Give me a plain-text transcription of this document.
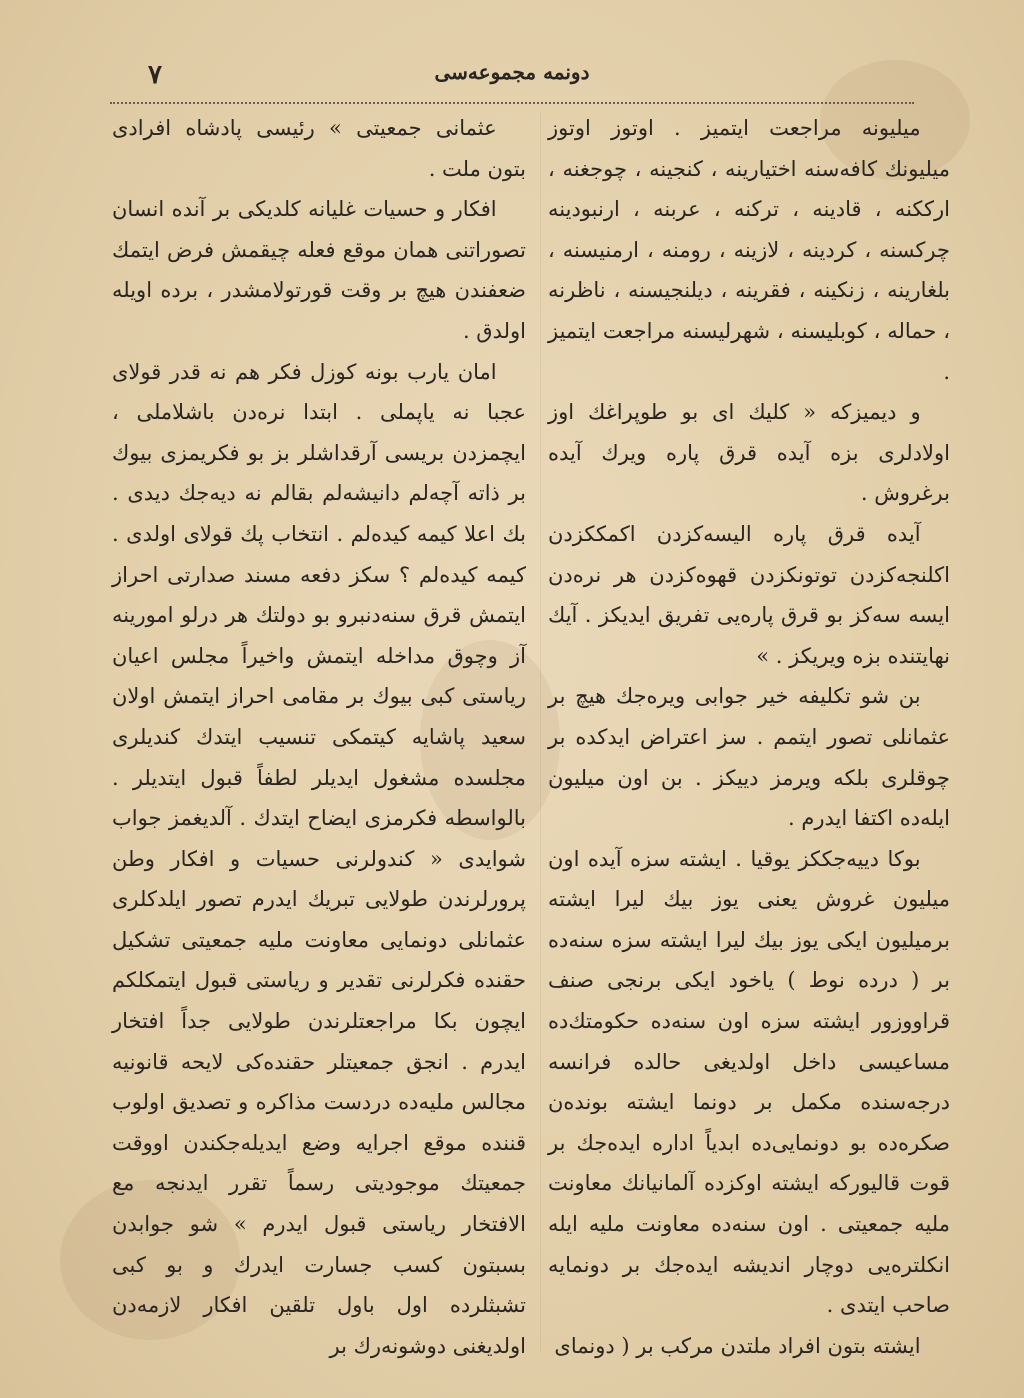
٧	دونمه مجموعه‌سی

میلیونه مراجعت ایتمیز . اوتوز اوتوز میلیونك کافه‌سنه اختیارینه ، کنجینه ، چوجغنه ، ارککنه ، قادینه ، ترکنه ، عربنه ، ارنبودینه چرکسنه ، کردینه ، لازینه ، رومنه ، ارمنیسنه ، بلغارینه ، زنکینه ، فقرینه ، دیلنجیسنه ، ناظرنه ، حماله ، کوبلیسنه ، شهرلیسنه مراجعت ایتمیز .

و دیمیزکه « کلیك ای بو طوپراغك اوز اولادلری بزه آیده قرق پاره ویرك آیده برغروش .

آیده قرق پاره الیسه‌کزدن اکمککزدن اکلنجه‌کزدن توتونکزدن قهوه‌کزدن هر نره‌دن ایسه ‌سه‌کز بو قرق پاره‌یی تفریق ایدیکز . آیك نهایتنده بزه ویریکز . »

بن شو تکلیفه خیر جوابی ویره‌جك هیچ بر عثمانلی تصور ایتمم . سز اعتراض ایدکده بر چوقلری بلکه ویرمز دییکز . بن اون میلیون ایله‌ده اکتفا ایدرم .

بوکا دییه‌جککز یوقیا . ایشته سزه آیده اون میلیون غروش یعنی یوز بیك لیرا ایشته برمیلیون ایکی یوز بیك لیرا ایشته سزه سنه‌ده بر ( درده‌ نوط ) یاخود ایکی برنجی صنف قراووزور ایشته سزه اون سنه‌ده حکومتك‌ده مساعیسی داخل اولدیغی حالده فرانسه درجه‌سنده مکمل بر دونما ایشته بونده‌ن صکره‌ده بو دونمایی‌ده ابدیاً اداره ایده‌جك بر قوت قالیورکه ایشته اوکزده آلمانیانك معاونت ملیه جمعیتی . اون سنه‌ده معاونت ملیه ایله انکلتره‌یی دوچار اندیشه ایده‌جك بر دونمایه صاحب ایتدی .

ایشته بتون افراد ملتدن مرکب بر ( دونمای

عثمانی جمعیتی » رئیسی پادشاه افرادی بتون ملت .

افکار و حسیات غلیانه کلدیکی بر آنده انسان تصوراتنی همان موقع فعله چیقمش فرض ایتمك ضعفندن هیچ بر وقت قورتولامشدر ، برده اویله اولدق .

امان یارب بونه کوزل فکر هم نه قدر قولای عجبا نه یاپملی . ابتدا نره‌دن باشلاملی ، ایچمزدن بریسی آرقداشلر بز بو فکریمزی بیوك بر ذاته آچه‌لم دانیشه‌لم بقالم نه دیه‌جك دیدی . بك اعلا کیمه کیده‌لم . انتخاب پك قولای اولدی . کیمه کیده‌لم ؟ سکز دفعه مسند صدارتی احراز ایتمش قرق سنه‌دنبرو بو دولتك هر درلو امورینه آز وچوق مداخله ایتمش واخیراً مجلس اعیان ریاستی کبی بیوك بر مقامی احراز ایتمش اولان سعید پاشایه کیتمکی تنسیب ایتدك کندیلری مجلسده مشغول ایدیلر لطفاً قبول ایتدیلر . بالواسطه فکرمزی ایضاح ایتدك . آلدیغمز جواب شوایدی « کندولرنی حسیات و افکار وطن پرورلرندن طولایی تبریك ایدرم تصور ایلدکلری عثمانلی دونمایی معاونت ملیه جمعیتی تشکیل حقنده فکرلرنی تقدیر و ریاستی قبول ایتمکلکم ایچون بکا مراجعتلرندن طولایی جداً افتخار ایدرم . انجق جمعیتلر حقنده‌کی لایحه قانونیه مجالس ملیه‌ده دردست مذاکره و تصدیق اولوب قننده موقع اجرایه وضع ایدیله‌جکندن اووقت جمعیتك موجودیتی رسماً تقرر ایدنجه مع الافتخار ریاستی قبول ایدرم » شو جوابدن بسبتون کسب جسارت ایدرك و بو کبی تشبثلرده اول باول تلقین افکار لازمه‌دن اولدیغنی دوشونه‌رك بر
